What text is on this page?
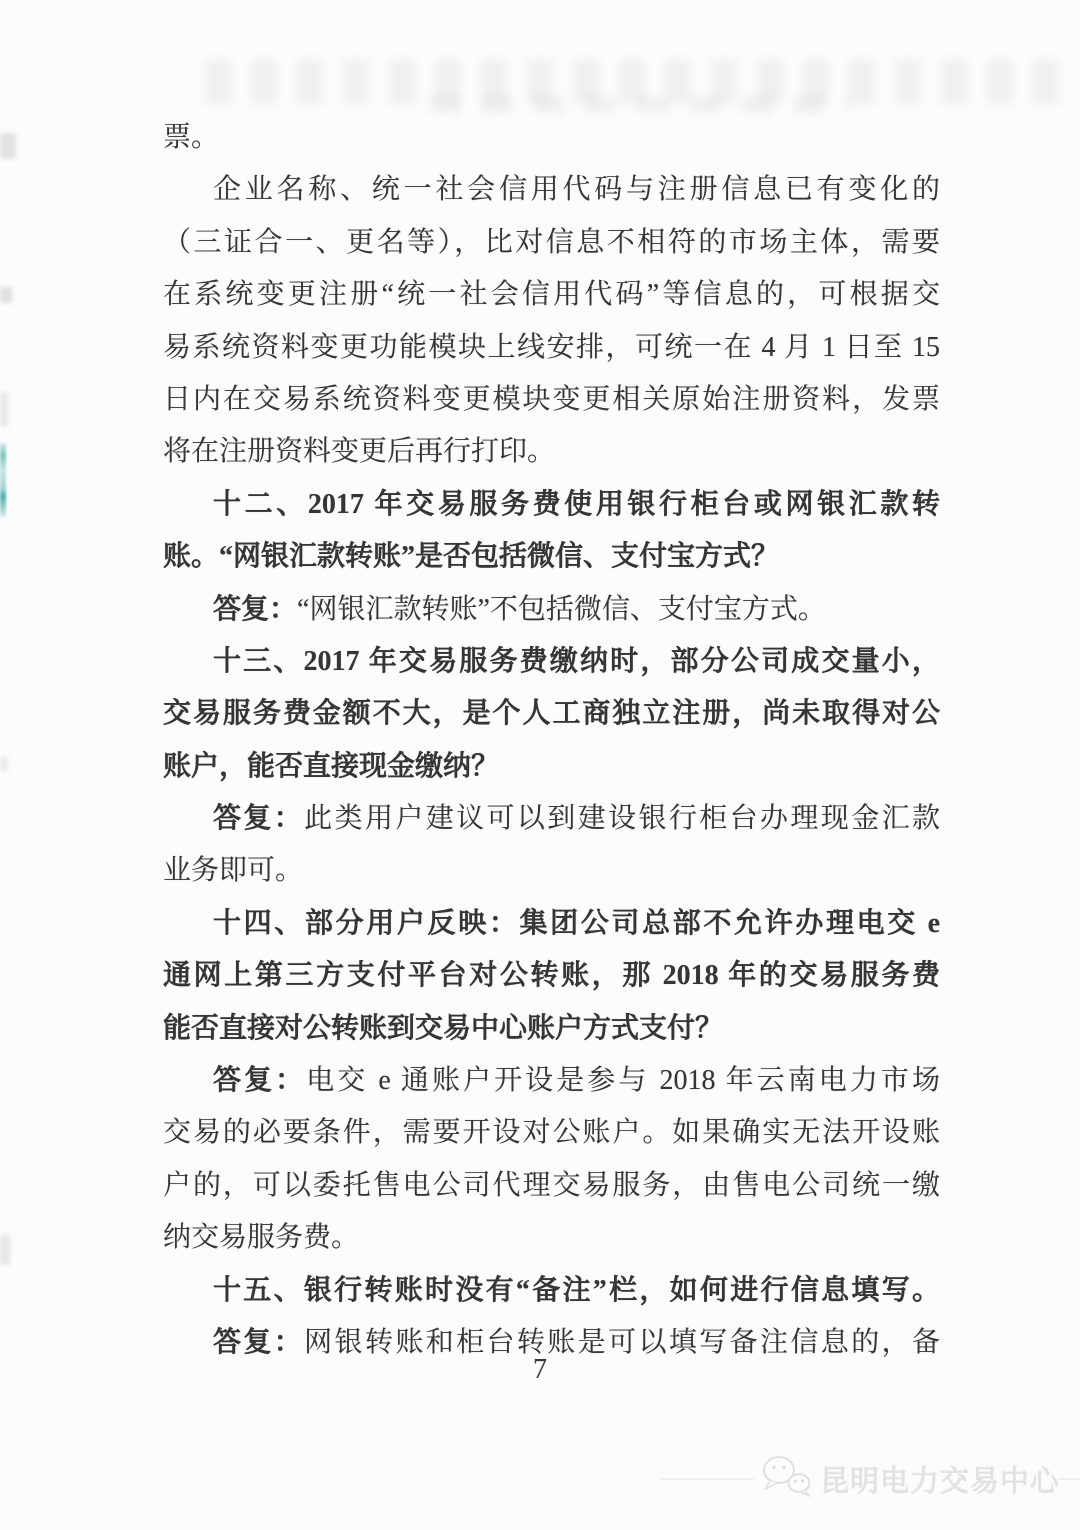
票。
企业名称、统一社会信用代码与注册信息已有变化的
（三证合一、更名等），比对信息不相符的市场主体，需要
在系统变更注册“统一社会信用代码”等信息的，可根据交
易系统资料变更功能模块上线安排，可统一在 4 月 1 日至 15
日内在交易系统资料变更模块变更相关原始注册资料，发票
将在注册资料变更后再行打印。
十二、2017 年交易服务费使用银行柜台或网银汇款转
账。“网银汇款转账”是否包括微信、支付宝方式？
答复：“网银汇款转账”不包括微信、支付宝方式。
十三、2017 年交易服务费缴纳时，部分公司成交量小，
交易服务费金额不大，是个人工商独立注册，尚未取得对公
账户，能否直接现金缴纳？
答复：此类用户建议可以到建设银行柜台办理现金汇款
业务即可。
十四、部分用户反映：集团公司总部不允许办理电交 e
通网上第三方支付平台对公转账，那 2018 年的交易服务费
能否直接对公转账到交易中心账户方式支付？
答复：电交 e 通账户开设是参与 2018 年云南电力市场
交易的必要条件，需要开设对公账户。如果确实无法开设账
户的，可以委托售电公司代理交易服务，由售电公司统一缴
纳交易服务费。
十五、银行转账时没有“备注”栏，如何进行信息填写。
答复：网银转账和柜台转账是可以填写备注信息的，备
7
昆明电力交易中心
